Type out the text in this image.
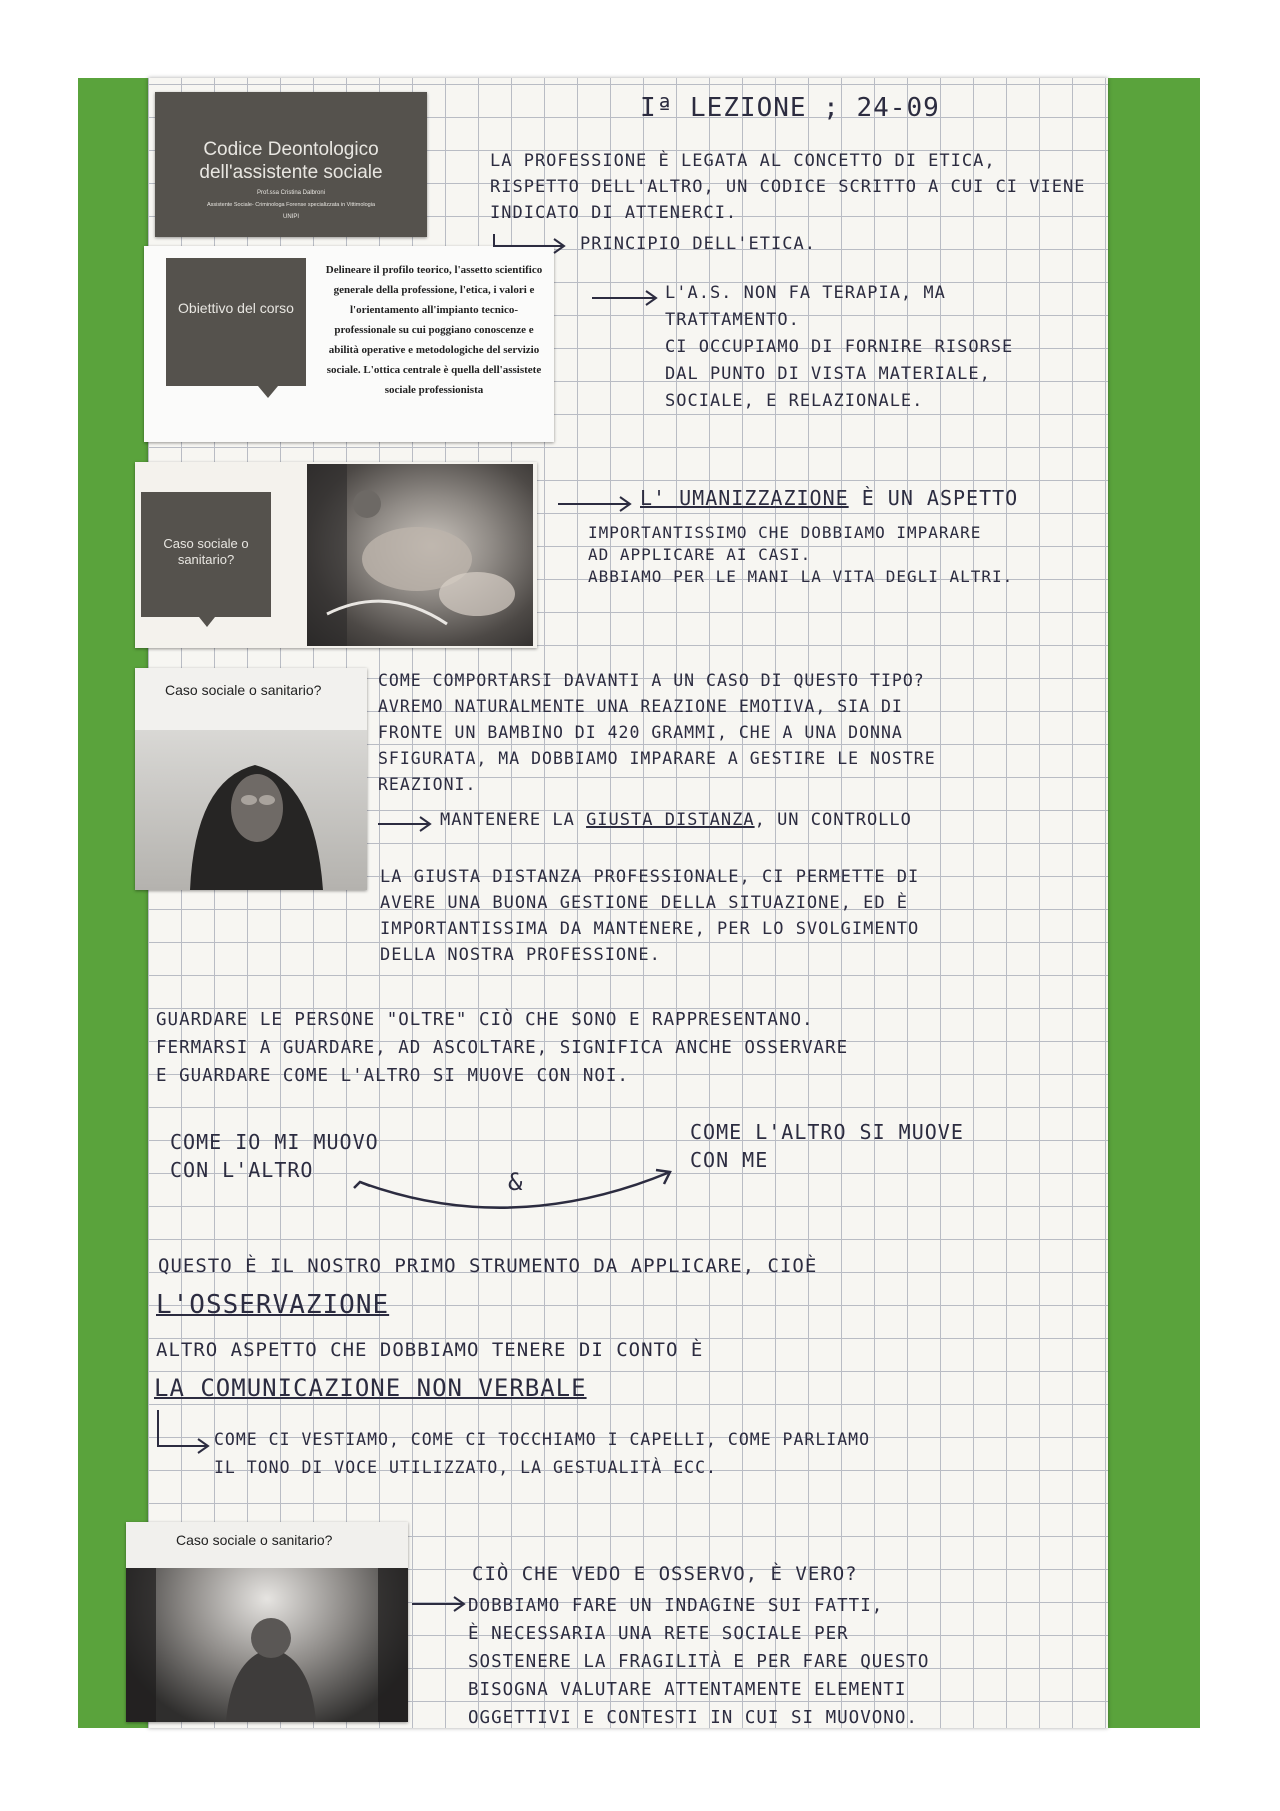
Codice Deontologico dell'assistente sociale
Prof.ssa Cristina Dalbroni
Assistente Sociale- Criminologa Forense specializzata in Vittimologia
UNIPI
Obiettivo del corso
Delineare il profilo teorico, l'assetto scientifico generale della professione, l'etica, i valori e l'orientamento all'impianto tecnico-professionale su cui poggiano conoscenze e abilità operative e metodologiche del servizio sociale. L'ottica centrale è quella dell'assistete sociale professionista
Caso sociale o sanitario?
Caso sociale o sanitario?
Caso sociale o sanitario?
Iª LEZIONE ; 24-09
LA PROFESSIONE È LEGATA AL CONCETTO DI ETICA,
RISPETTO DELL'ALTRO, UN CODICE SCRITTO A CUI CI VIENE
INDICATO DI ATTENERCI.
PRINCIPIO DELL'ETICA.
L'A.S. NON FA TERAPIA, MA
TRATTAMENTO.
CI OCCUPIAMO DI FORNIRE RISORSE
DAL PUNTO DI VISTA MATERIALE,
SOCIALE, E RELAZIONALE.
L' UMANIZZAZIONE È UN ASPETTO
IMPORTANTISSIMO CHE DOBBIAMO IMPARARE
AD APPLICARE AI CASI.
ABBIAMO PER LE MANI LA VITA DEGLI ALTRI.
COME COMPORTARSI DAVANTI A UN CASO DI QUESTO TIPO?
AVREMO NATURALMENTE UNA REAZIONE EMOTIVA, SIA DI
FRONTE UN BAMBINO DI 420 GRAMMI, CHE A UNA DONNA
SFIGURATA, MA DOBBIAMO IMPARARE A GESTIRE LE NOSTRE
REAZIONI.
MANTENERE LA GIUSTA DISTANZA, UN CONTROLLO
LA GIUSTA DISTANZA PROFESSIONALE, CI PERMETTE DI
AVERE UNA BUONA GESTIONE DELLA SITUAZIONE, ED È
IMPORTANTISSIMA DA MANTENERE, PER LO SVOLGIMENTO
DELLA NOSTRA PROFESSIONE.
GUARDARE LE PERSONE "OLTRE" CIÒ CHE SONO E RAPPRESENTANO.
FERMARSI A GUARDARE, AD ASCOLTARE, SIGNIFICA ANCHE OSSERVARE
E GUARDARE COME L'ALTRO SI MUOVE CON NOI.
COME IO MI MUOVO
CON L'ALTRO	&
COME L'ALTRO SI MUOVE
CON ME
QUESTO È IL NOSTRO PRIMO STRUMENTO DA APPLICARE, CIOÈ
L'OSSERVAZIONE
ALTRO ASPETTO CHE DOBBIAMO TENERE DI CONTO È
LA COMUNICAZIONE NON VERBALE
COME CI VESTIAMO, COME CI TOCCHIAMO I CAPELLI, COME PARLIAMO
IL TONO DI VOCE UTILIZZATO, LA GESTUALITÀ ECC.
CIÒ CHE VEDO E OSSERVO, È VERO?
DOBBIAMO FARE UN INDAGINE SUI FATTI,
È NECESSARIA UNA RETE SOCIALE PER
SOSTENERE LA FRAGILITÀ E PER FARE QUESTO
BISOGNA VALUTARE ATTENTAMENTE ELEMENTI
OGGETTIVI E CONTESTI IN CUI SI MUOVONO.
